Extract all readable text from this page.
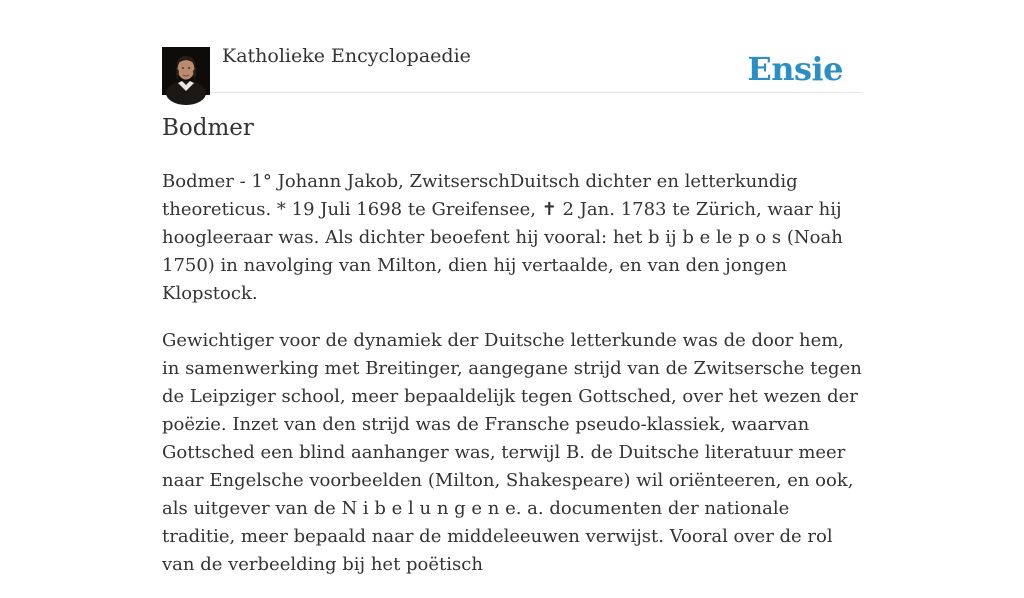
Katholieke Encyclopaedie	Ensie
Bodmer

Bodmer - 1° Johann Jakob, ZwitserschDuitsch dichter en letterkundig theoreticus. * 19 Juli 1698 te Greifensee, ✝ 2 Jan. 1783 te Zürich, waar hij hoogleeraar was. Als dichter beoefent hij vooral: het b ij b e le p o s (Noah 1750) in navolging van Milton, dien hij vertaalde, en van den jongen Klopstock.

Gewichtiger voor de dynamiek der Duitsche letterkunde was de door hem, in samenwerking met Breitinger, aangegane strijd van de Zwitsersche tegen de Leipziger school, meer bepaaldelijk tegen Gottsched, over het wezen der poëzie. Inzet van den strijd was de Fransche pseudo-klassiek, waarvan Gottsched een blind aanhanger was, terwijl B. de Duitsche literatuur meer naar Engelsche voorbeelden (Milton, Shakespeare) wil oriënteeren, en ook, als uitgever van de N i b e l u n g e n e. a. documenten der nationale traditie, meer bepaald naar de middeleeuwen verwijst. Vooral over de rol van de verbeelding bij het poëtisch
